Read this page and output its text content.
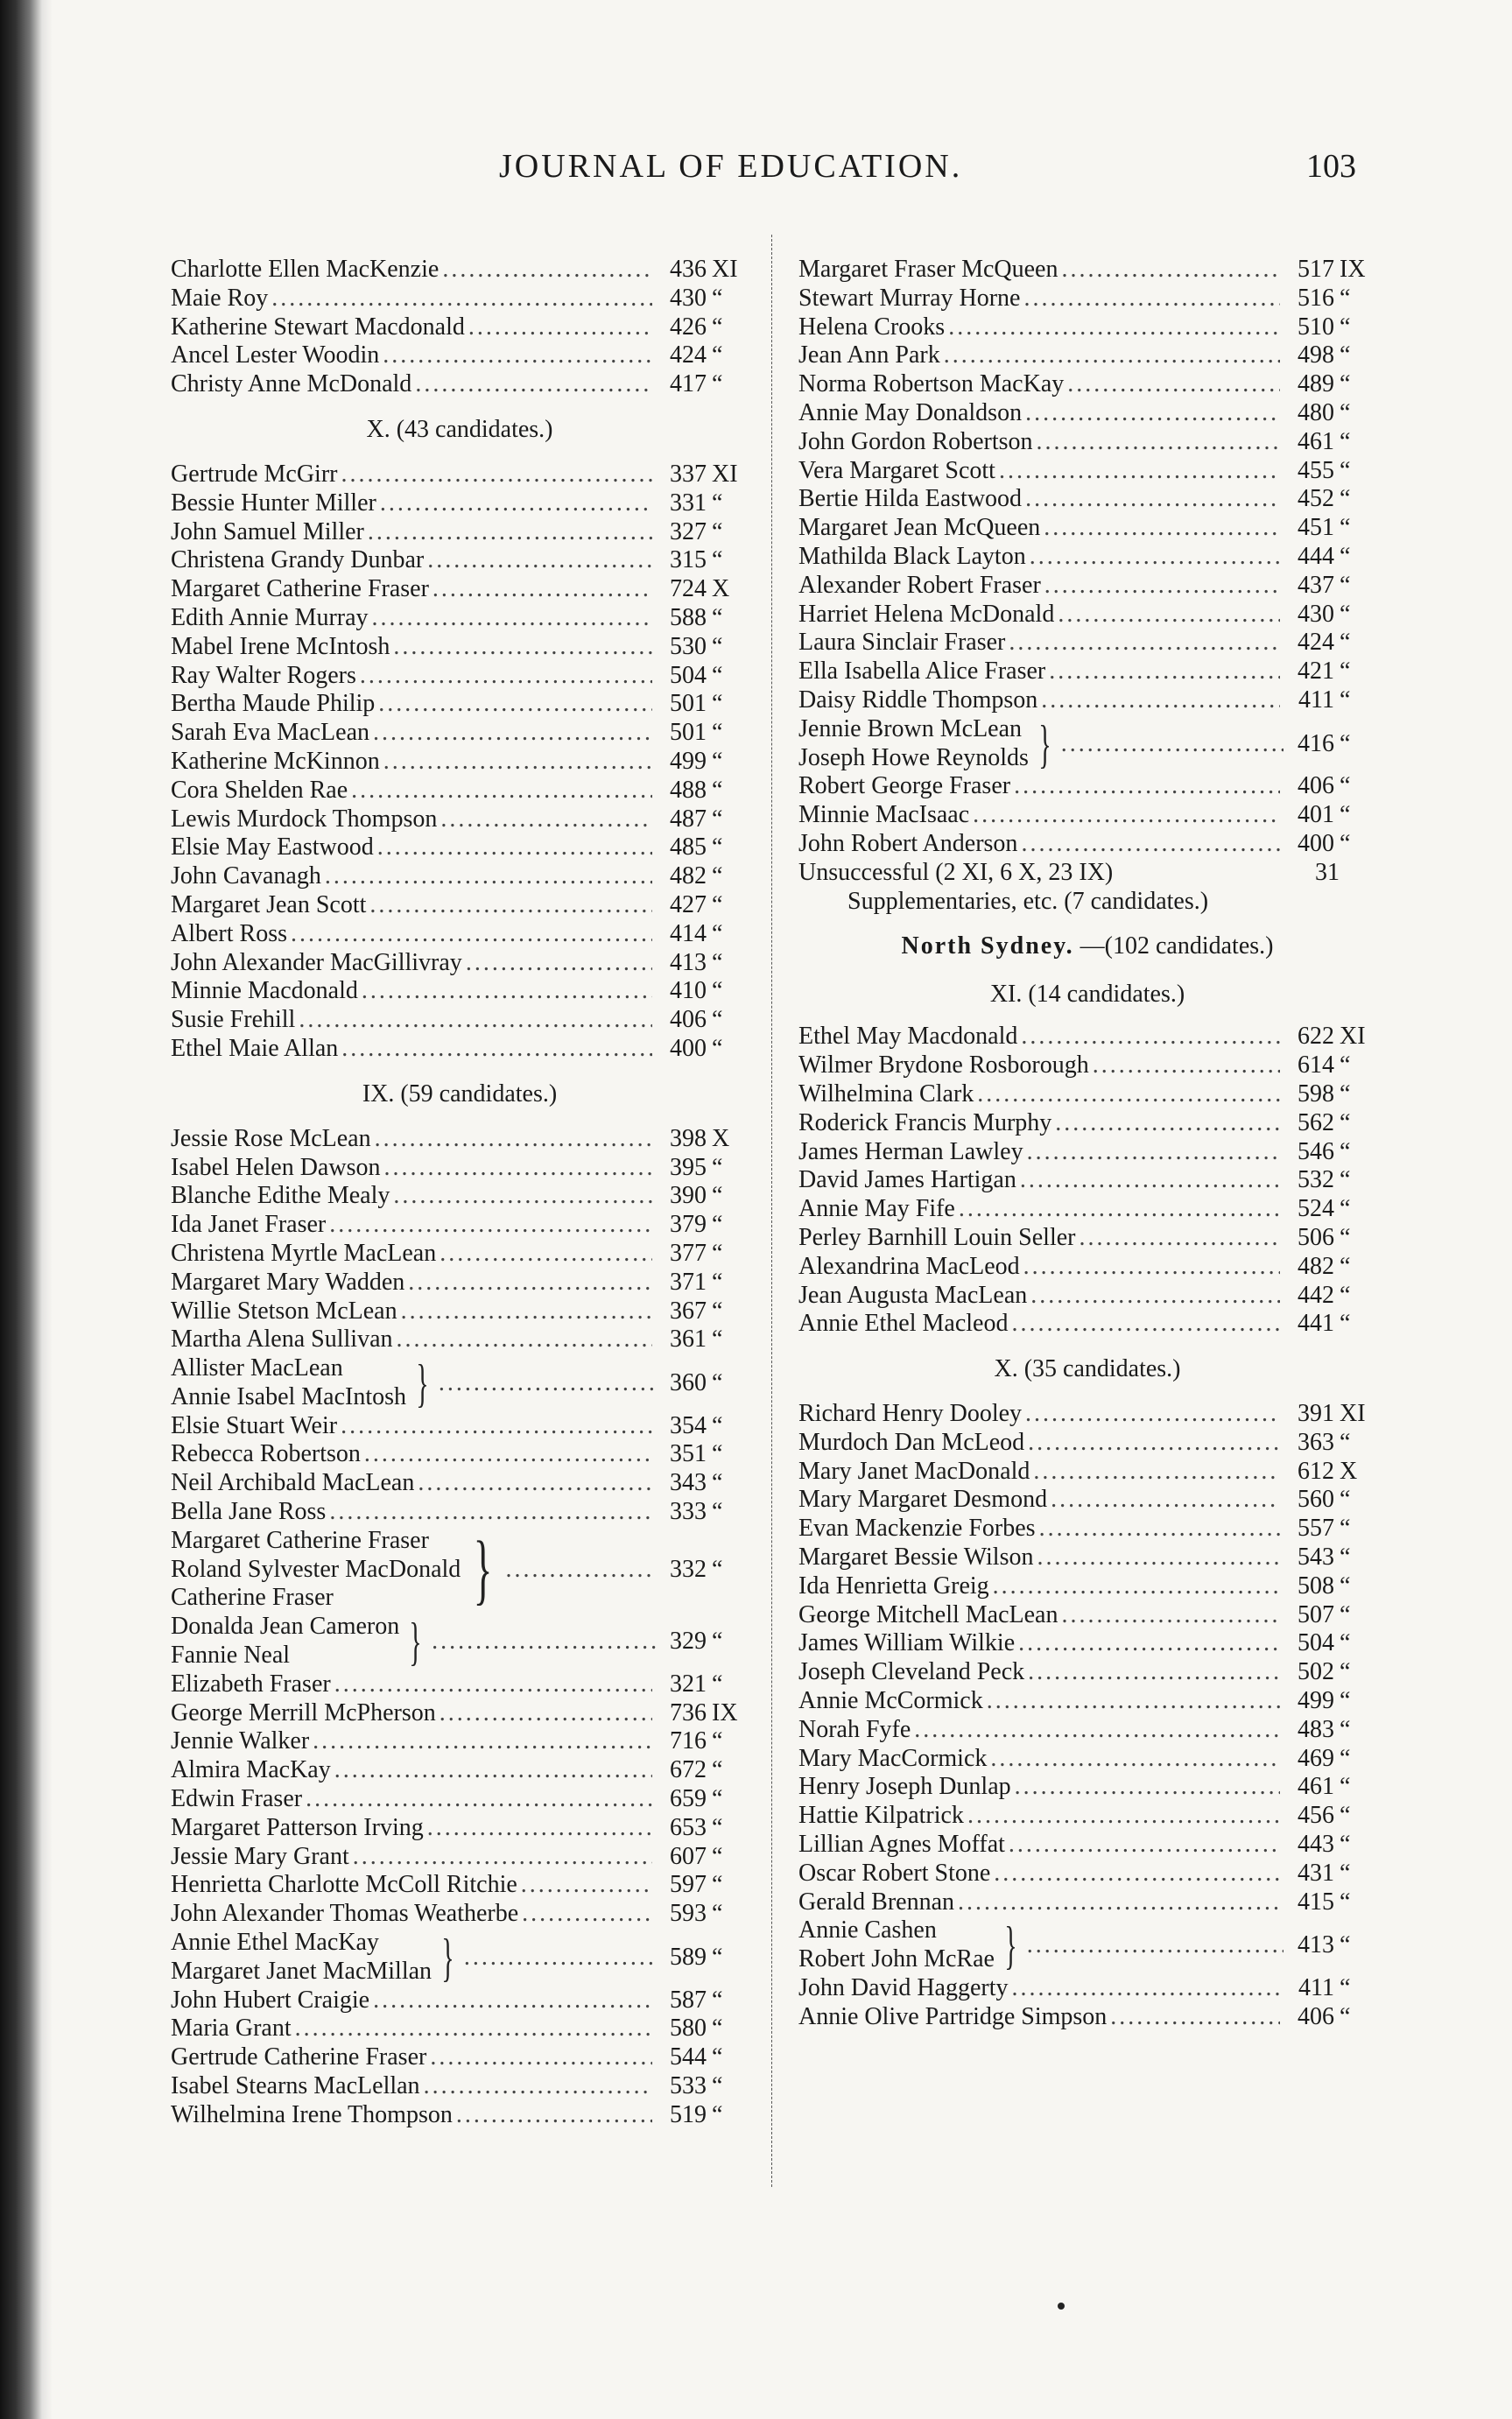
JOURNAL OF EDUCATION.	103
Charlotte Ellen MacKenzie .....	436 XI
Maie Roy .....	430 “
Katherine Stewart Macdonald .....	426 “
Ancel Lester Woodin .....	424 “
Christy Anne McDonald .....	417 “
X. (43 candidates.)
Gertrude McGirr .....	337 XI
Bessie Hunter Miller .....	331 “
John Samuel Miller .....	327 “
Christena Grandy Dunbar .....	315 “
Margaret Catherine Fraser .....	724 X
Edith Annie Murray .....	588 “
Mabel Irene McIntosh .....	530 “
Ray Walter Rogers .....	504 “
Bertha Maude Philip .....	501 “
Sarah Eva MacLean .....	501 “
Katherine McKinnon .....	499 “
Cora Shelden Rae .....	488 “
Lewis Murdock Thompson .....	487 “
Elsie May Eastwood .....	485 “
John Cavanagh .....	482 “
Margaret Jean Scott .....	427 “
Albert Ross .....	414 “
John Alexander MacGillivray .....	413 “
Minnie Macdonald .....	410 “
Susie Frehill .....	406 “
Ethel Maie Allan .....	400 “
IX. (59 candidates.)
Jessie Rose McLean .....	398 X
Isabel Helen Dawson .....	395 “
Blanche Edithe Mealy .....	390 “
Ida Janet Fraser .....	379 “
Christena Myrtle MacLean .....	377 “
Margaret Mary Wadden .....	371 “
Willie Stetson McLean .....	367 “
Martha Alena Sullivan .....	361 “
Allister MacLean
Annie Isabel MacIntosh } .....	360 “
Elsie Stuart Weir .....	354 “
Rebecca Robertson .....	351 “
Neil Archibald MacLean .....	343 “
Bella Jane Ross .....	333 “
Margaret Catherine Fraser
Roland Sylvester MacDonald
Catherine Fraser	} .....	332 “
Donalda Jean Cameron
Fannie Neal	} .....	329 “
Elizabeth Fraser .....	321 “
George Merrill McPherson .....	736 IX
Jennie Walker .....	716 “
Almira MacKay .....	672 “
Edwin Fraser .....	659 “
Margaret Patterson Irving .....	653 “
Jessie Mary Grant .....	607 “
Henrietta Charlotte McColl Ritchie .....	597 “
John Alexander Thomas Weatherbe .....	593 “
Annie Ethel MacKay
Margaret Janet MacMillan } .....	589 “
John Hubert Craigie .....	587 “
Maria Grant .....	580 “
Gertrude Catherine Fraser .....	544 “
Isabel Stearns MacLellan .....	533 “
Wilhelmina Irene Thompson .....	519 “
Margaret Fraser McQueen .....	517 IX
Stewart Murray Horne .....	516 “
Helena Crooks .....	510 “
Jean Ann Park .....	498 “
Norma Robertson MacKay .....	489 “
Annie May Donaldson .....	480 “
John Gordon Robertson .....	461 “
Vera Margaret Scott .....	455 “
Bertie Hilda Eastwood .....	452 “
Margaret Jean McQueen .....	451 “
Mathilda Black Layton .....	444 “
Alexander Robert Fraser .....	437 “
Harriet Helena McDonald .....	430 “
Laura Sinclair Fraser .....	424 “
Ella Isabella Alice Fraser .....	421 “
Daisy Riddle Thompson .....	411 “
Jennie Brown McLean
Joseph Howe Reynolds } .....	416 “
Robert George Fraser .....	406 “
Minnie MacIsaac .....	401 “
John Robert Anderson .....	400 “
Unsuccessful (2 XI, 6 X, 23 IX)	31
Supplementaries, etc. (7 candidates.)
North Sydney. —(102 candidates.)
XI. (14 candidates.)
Ethel May Macdonald .....	622 XI
Wilmer Brydone Rosborough .....	614 “
Wilhelmina Clark .....	598 “
Roderick Francis Murphy .....	562 “
James Herman Lawley .....	546 “
David James Hartigan .....	532 “
Annie May Fife .....	524 “
Perley Barnhill Louin Seller .....	506 “
Alexandrina MacLeod .....	482 “
Jean Augusta MacLean .....	442 “
Annie Ethel Macleod .....	441 “
X. (35 candidates.)
Richard Henry Dooley .....	391 XI
Murdoch Dan McLeod .....	363 “
Mary Janet MacDonald .....	612 X
Mary Margaret Desmond .....	560 “
Evan Mackenzie Forbes .....	557 “
Margaret Bessie Wilson .....	543 “
Ida Henrietta Greig .....	508 “
George Mitchell MacLean .....	507 “
James William Wilkie .....	504 “
Joseph Cleveland Peck .....	502 “
Annie McCormick .....	499 “
Norah Fyfe .....	483 “
Mary MacCormick .....	469 “
Henry Joseph Dunlap .....	461 “
Hattie Kilpatrick .....	456 “
Lillian Agnes Moffat .....	443 “
Oscar Robert Stone .....	431 “
Gerald Brennan .....	415 “
Annie Cashen
Robert John McRae } .....	413 “
John David Haggerty .....	411 “
Annie Olive Partridge Simpson .....	406 “
